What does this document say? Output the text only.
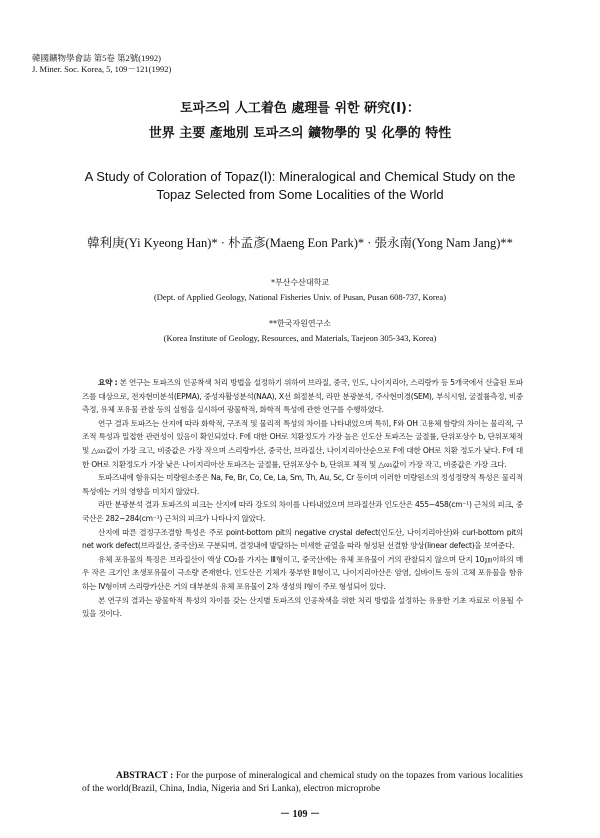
韓國鑛物學會誌 第5卷 第2號(1992)
J. Miner. Soc. Korea, 5, 109－121(1992)
토파즈의 人工着色 處理를 위한 硏究(Ⅰ)：
世界 主要 產地別 토파즈의 鑛物學的 및 化學的 特性
A Study of Coloration of Topaz(Ⅰ): Mineralogical and Chemical Study on the
Topaz Selected from Some Localities of the World
韓利庚(Yi Kyeong Han)* · 朴孟彥(Maeng Eon Park)* · 張永南(Yong Nam Jang)**
*부산수산대학교
(Dept. of Applied Geology, National Fisheries Univ. of Pusan, Pusan 608-737, Korea)
**한국자원연구소
(Korea Institute of Geology, Resources, and Materials, Taejeon 305-343, Korea)

요약 : 본 연구는 토파즈의 인공착색 처리 방법을 설정하기 위하여 브라질, 중국, 인도, 나이지리아, 스리랑카 등 5개국에서 산출된 토파즈를 대상으로, 전자현미분석(EPMA), 중성자활성분석(NAA), X선 회절분석, 라만 분광분석, 주사현미경(SEM), 부식시험, 굴절률측정, 비중측정, 유체 포유물 관찰 등의 실험을 실시하여 광물학적, 화학적 특성에 관한 연구를 수행하였다.

연구 결과 토파즈는 산지에 따라 화학적, 구조적 및 물리적 특성의 차이를 나타내었으며 특히, F와 OH 고용체 함량의 차이는 물리적, 구조적 특성과 밀접한 관련성이 있음이 확인되었다. F에 대한 OH로 치환정도가 가장 높은 인도산 토파즈는 굴절률, 단위포상수 b, 단위포체적 및 △₀₂₁값이 가장 크고, 비중값은 가장 작으며 스리랑카산, 중국산, 브라질산, 나이지리아산순으로 F에 대한 OH로 치환 정도가 낮다. F에 대한 OH로 치환정도가 가장 낮은 나이지리아산 토파즈는 굴절률, 단위포상수 b, 단위포 체적 및 △₀₂₁값이 가장 작고, 비중값은 가장 크다.

토파즈내에 함유되는 미량원소종은 Na, Fe, Br, Co, Ce, La, Sm, Th, Au, Sc, Cr 등이며 이러한 미량원소의 정성정량적 특성은 물리적 특성에는 거의 영향을 미치지 않았다.

라만 분광분석 결과 토파즈의 피크는 산지에 따라 강도의 차이를 나타내었으며 브라질산과 인도산은 455~458(cm⁻¹) 근처의 피크, 중국산은 282~284(cm⁻¹) 근처의 피크가 나타나지 않았다.

산지에 따른 결정구조결함 특성은 주로 point-bottom pit의 negative crystal defect(인도산, 나이지리아산)와 curl-bottom pit의 net work defect(브라질산, 중국산)로 구분되며, 결정내에 발달하는 미세한 균열을 따라 형성된 선결함 양상(linear defect)을 보여준다.

유체 포유물의 특징은 브라질산이 액상 CO₂를 가지는 Ⅲ형이고, 중국산에는 유체 포유물이 거의 관찰되지 않으며 단지 10㎛이하의 매우 작은 크기인 초생포유물이 극소량 존재한다. 인도산은 기체가 풍부한 Ⅱ형이고, 나이지리아산은 암염, 실바이트 등의 고체 포유물을 함유하는 Ⅳ형이며 스리랑카산은 거의 대부분의 유체 포유물이 2차 생성의 Ⅰ형이 주로 형성되어 있다.

본 연구의 결과는 광물학적 특성의 차이를 갖는 산지별 토파즈의 인공착색을 위한 처리 방법을 설정하는 유용한 기초 자료로 이용될 수 있을 것이다.

ABSTRACT : For the purpose of mineralogical and chemical study on the topazes from various localities of the world(Brazil, China, India, Nigeria and Sri Lanka), electron microprobe
－ 109 －
